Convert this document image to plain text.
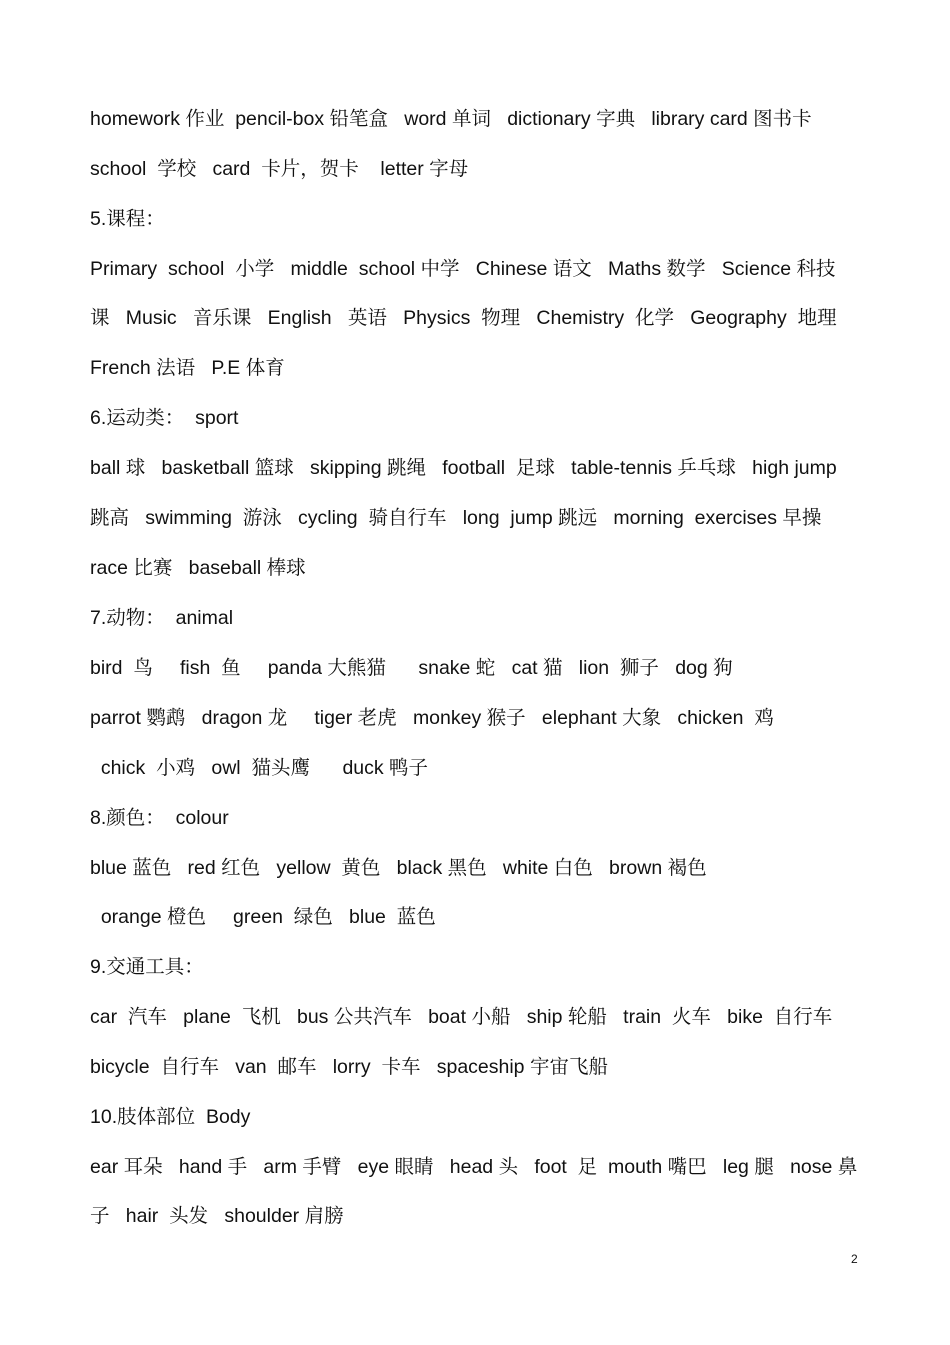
homework 作业  pencil-box 铅笔盒   word 单词   dictionary 字典   library card 图书卡
school  学校   card  卡片，贺卡    letter 字母
5.课程：
Primary  school  小学   middle  school 中学   Chinese 语文   Maths 数学   Science 科技
课   Music   音乐课   English   英语   Physics  物理   Chemistry  化学   Geography  地理
French 法语   P.E 体育
6.运动类：  sport
ball 球   basketball 篮球   skipping 跳绳   football  足球   table-tennis 乒乓球   high jump
跳高   swimming  游泳   cycling  骑自行车   long  jump 跳远   morning  exercises 早操
race 比赛   baseball 棒球
7.动物：  animal
bird  鸟     fish  鱼     panda 大熊猫      snake 蛇   cat 猫   lion  狮子   dog 狗
parrot 鹦鹉   dragon 龙     tiger 老虎   monkey 猴子   elephant 大象   chicken  鸡
chick  小鸡   owl  猫头鹰      duck 鸭子
8.颜色：  colour
blue 蓝色   red 红色   yellow  黄色   black 黑色   white 白色   brown 褐色
orange 橙色     green  绿色   blue  蓝色
9.交通工具：
car  汽车   plane  飞机   bus 公共汽车   boat 小船   ship 轮船   train  火车   bike  自行车
bicycle  自行车   van  邮车   lorry  卡车   spaceship 宇宙飞船
10.肢体部位  Body
ear 耳朵   hand 手   arm 手臂   eye 眼睛   head 头   foot  足  mouth 嘴巴   leg 腿   nose 鼻
子   hair  头发   shoulder 肩膀
2
